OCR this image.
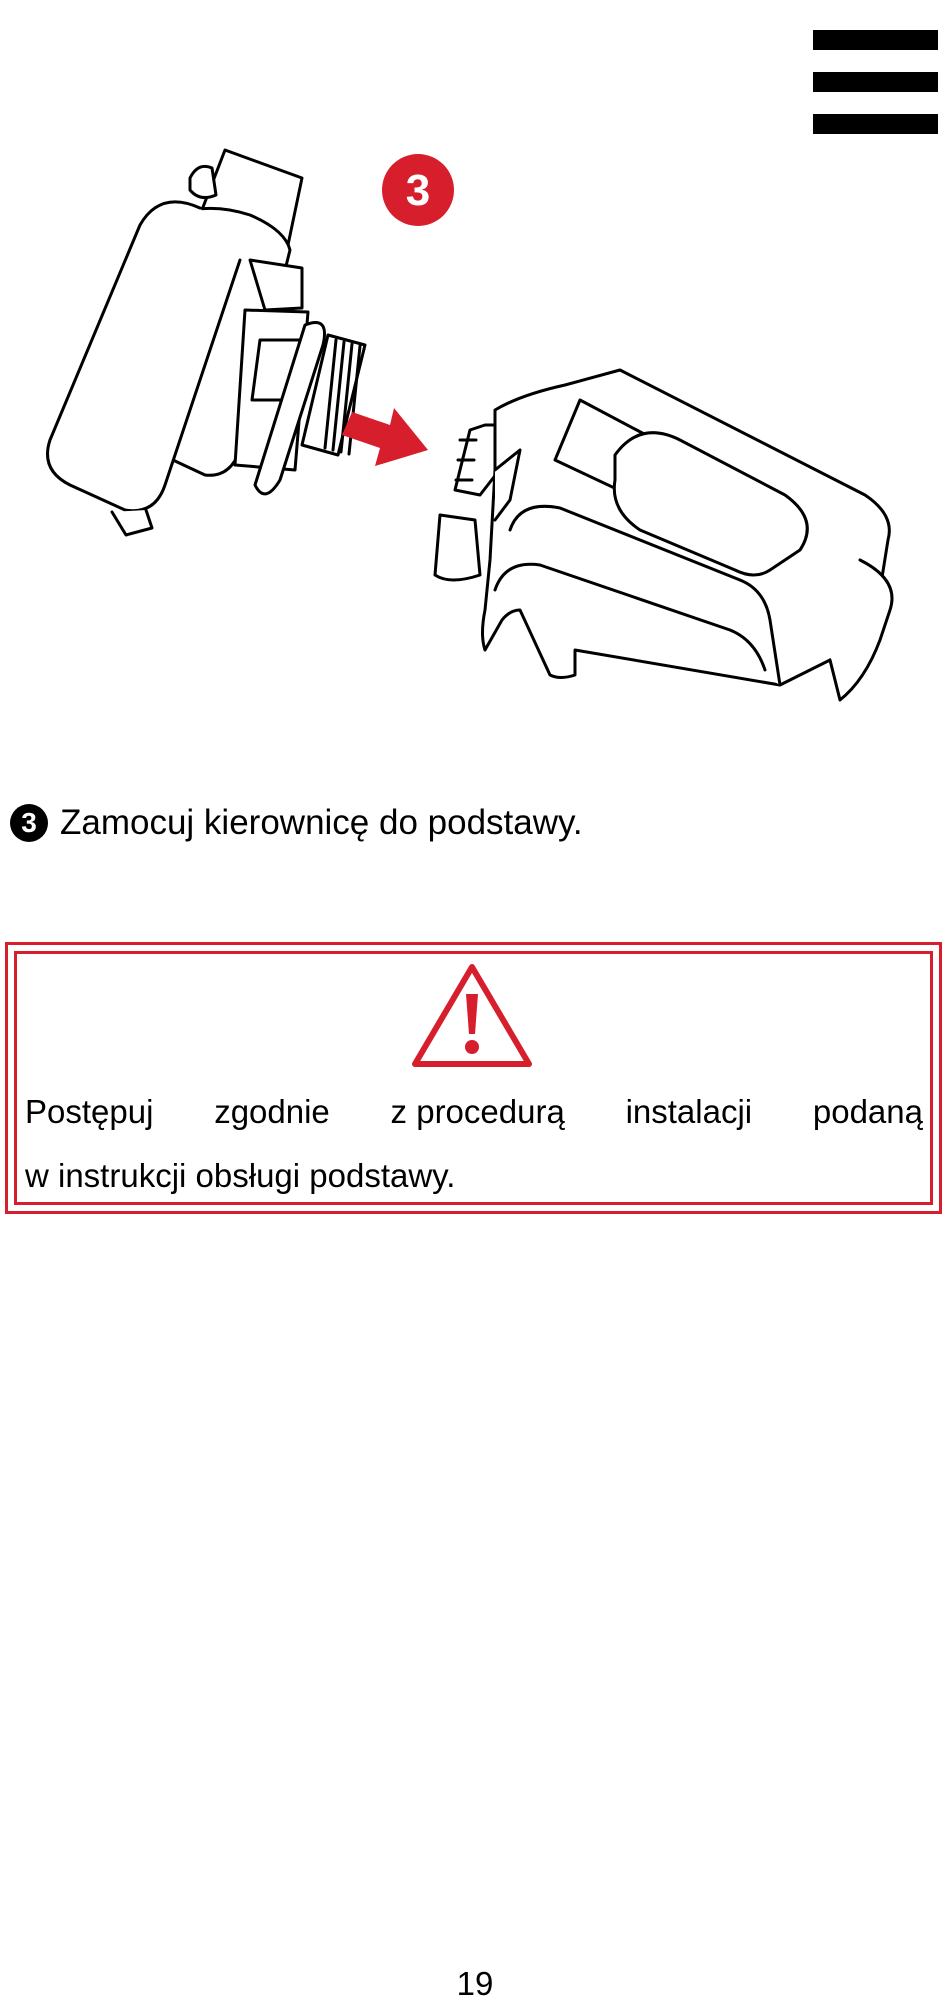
3
3 Zamocuj kierownicę do podstawy.
Postępuj zgodnie z procedurą instalacji podaną
w instrukcji obsługi podstawy.
19
